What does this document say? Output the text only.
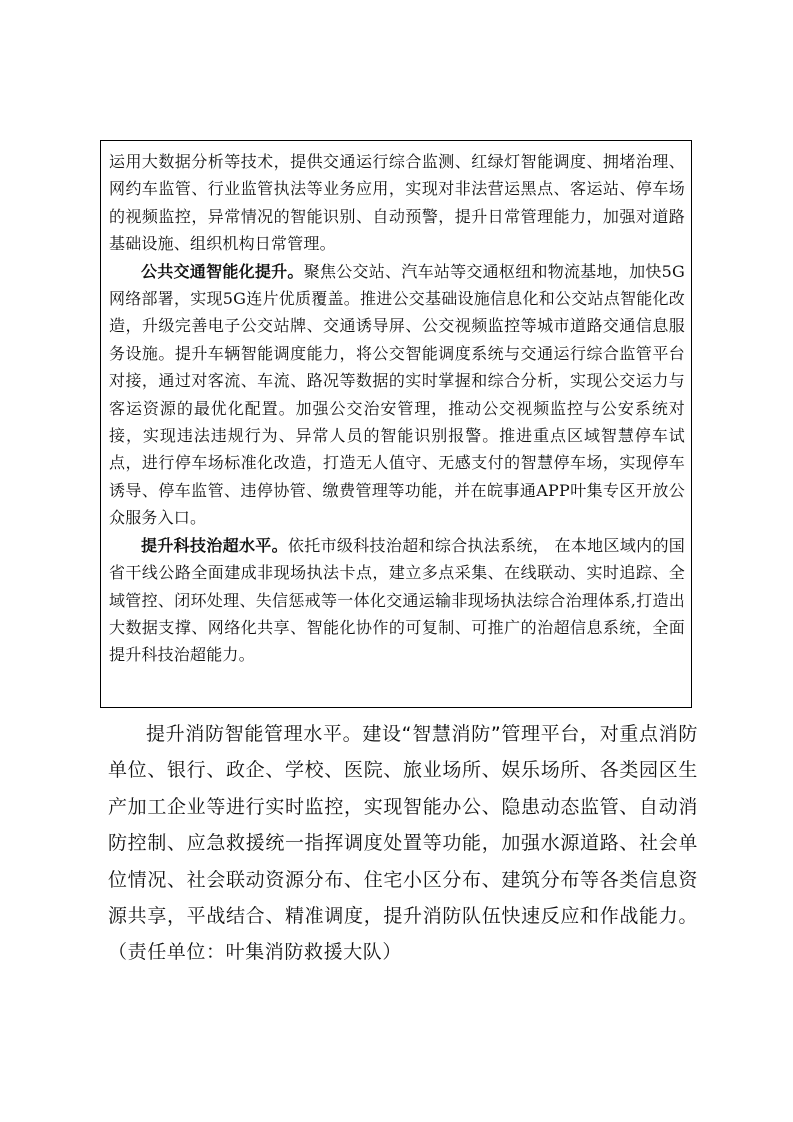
运用大数据分析等技术，提供交通运行综合监测、红绿灯智能调度、拥堵治理、网约车监管、行业监管执法等业务应用，实现对非法营运黑点、客运站、停车场的视频监控，异常情况的智能识别、自动预警，提升日常管理能力，加强对道路基础设施、组织机构日常管理。

公共交通智能化提升。聚焦公交站、汽车站等交通枢纽和物流基地，加快5G网络部署，实现5G连片优质覆盖。推进公交基础设施信息化和公交站点智能化改造，升级完善电子公交站牌、交通诱导屏、公交视频监控等城市道路交通信息服务设施。提升车辆智能调度能力，将公交智能调度系统与交通运行综合监管平台对接，通过对客流、车流、路况等数据的实时掌握和综合分析，实现公交运力与客运资源的最优化配置。加强公交治安管理，推动公交视频监控与公安系统对接，实现违法违规行为、异常人员的智能识别报警。推进重点区域智慧停车试点，进行停车场标准化改造，打造无人值守、无感支付的智慧停车场，实现停车诱导、停车监管、违停协管、缴费管理等功能，并在皖事通APP叶集专区开放公众服务入口。

提升科技治超水平。依托市级科技治超和综合执法系统， 在本地区域内的国省干线公路全面建成非现场执法卡点，建立多点采集、在线联动、实时追踪、全域管控、闭环处理、失信惩戒等一体化交通运输非现场执法综合治理体系,打造出大数据支撑、网络化共享、智能化协作的可复制、可推广的治超信息系统，全面提升科技治超能力。

提升消防智能管理水平。建设“智慧消防”管理平台，对重点消防单位、银行、政企、学校、医院、旅业场所、娱乐场所、各类园区生产加工企业等进行实时监控，实现智能办公、隐患动态监管、自动消防控制、应急救援统一指挥调度处置等功能，加强水源道路、社会单位情况、社会联动资源分布、住宅小区分布、建筑分布等各类信息资源共享，平战结合、精准调度，提升消防队伍快速反应和作战能力。（责任单位：叶集消防救援大队）
